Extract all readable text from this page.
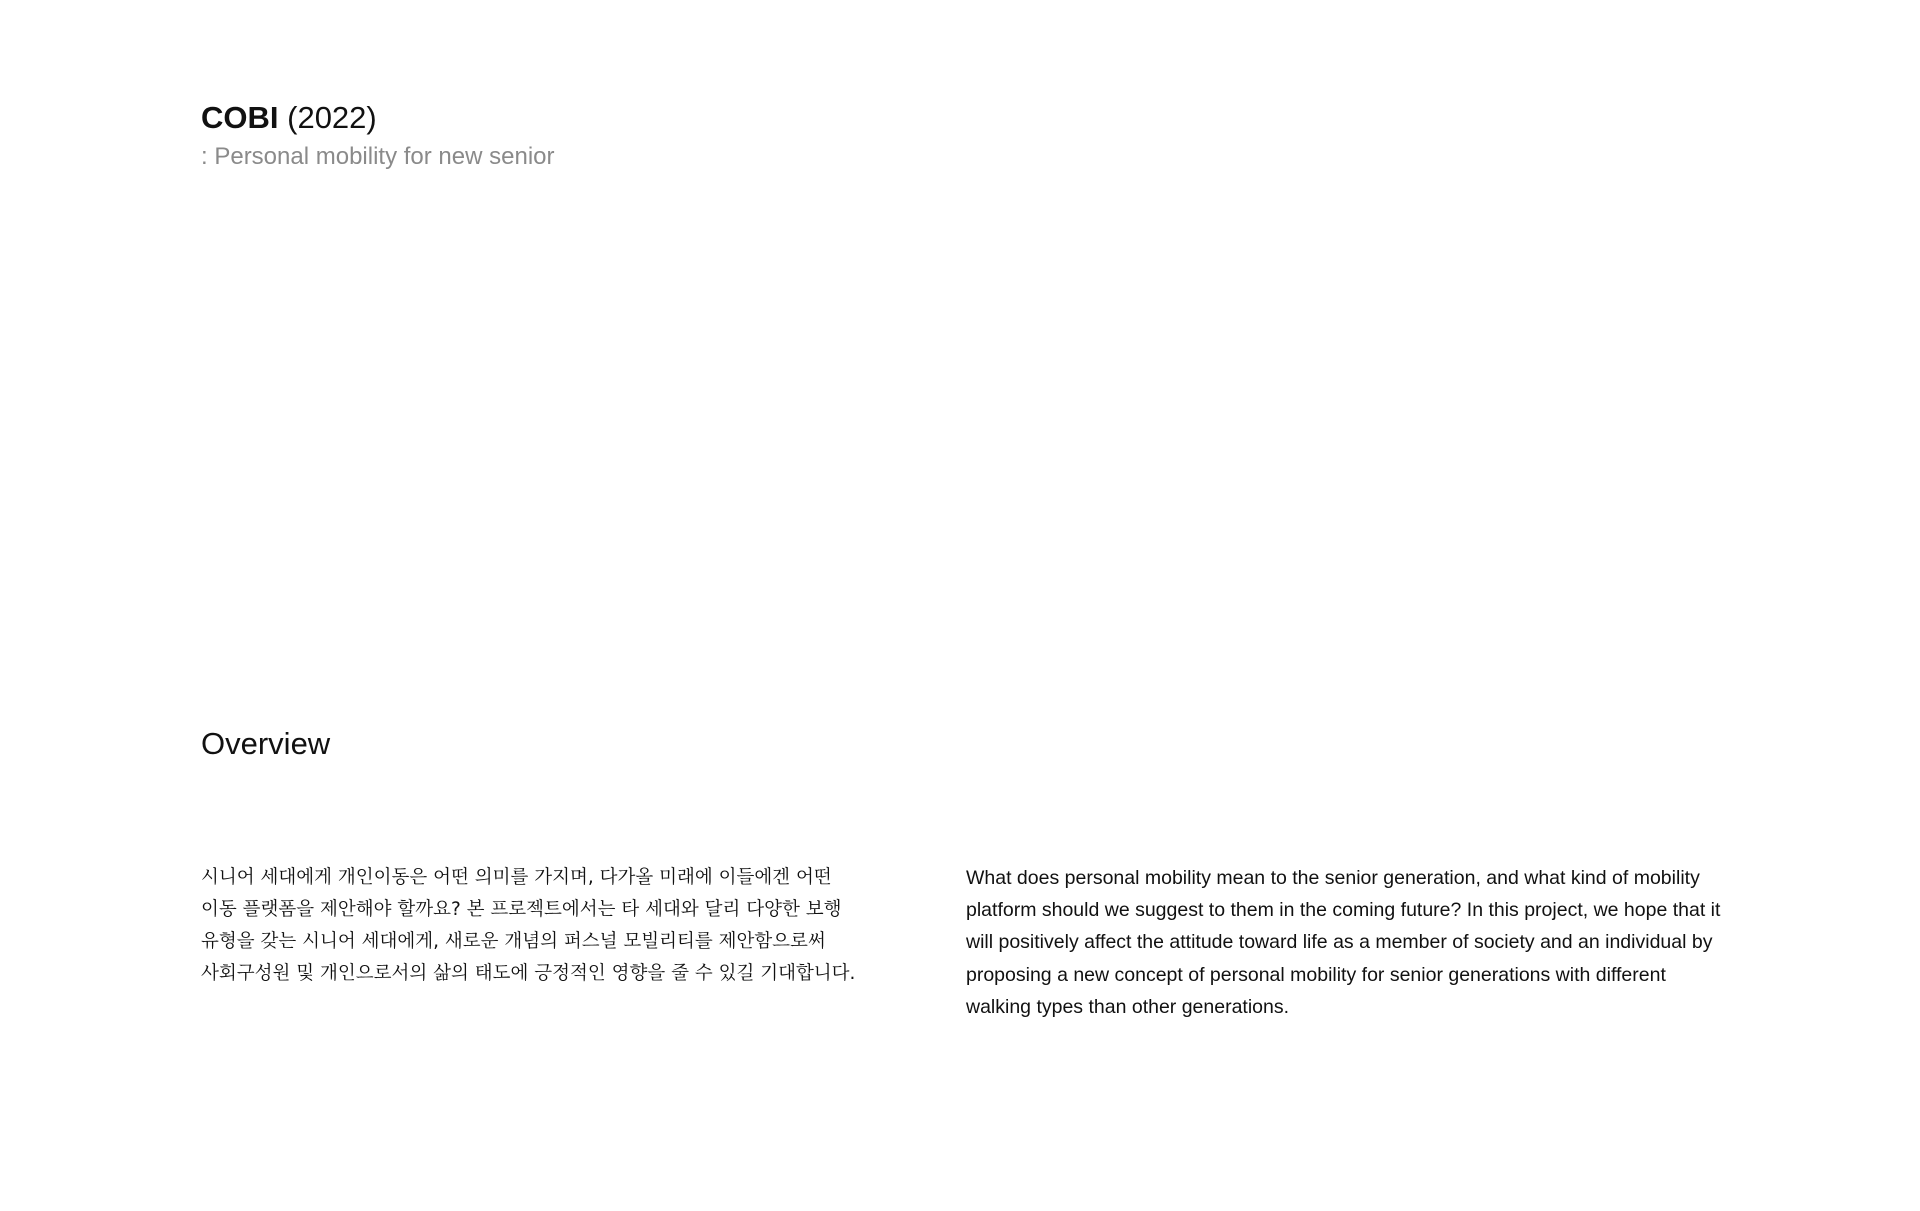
COBI (2022)
: Personal mobility for new senior
Overview

시니어 세대에게 개인이동은 어떤 의미를 가지며, 다가올 미래에 이들에겐 어떤 이동 플랫폼을 제안해야 할까요? 본 프로젝트에서는 타 세대와 달리 다양한 보행 유형을 갖는 시니어 세대에게, 새로운 개념의 퍼스널 모빌리티를 제안함으로써 사회구성원 및 개인으로서의 삶의 태도에 긍정적인 영향을 줄 수 있길 기대합니다.

What does personal mobility mean to the senior generation, and what kind of mobility platform should we suggest to them in the coming future? In this project, we hope that it will positively affect the attitude toward life as a member of society and an individual by proposing a new concept of personal mobility for senior generations with different walking types than other generations.
